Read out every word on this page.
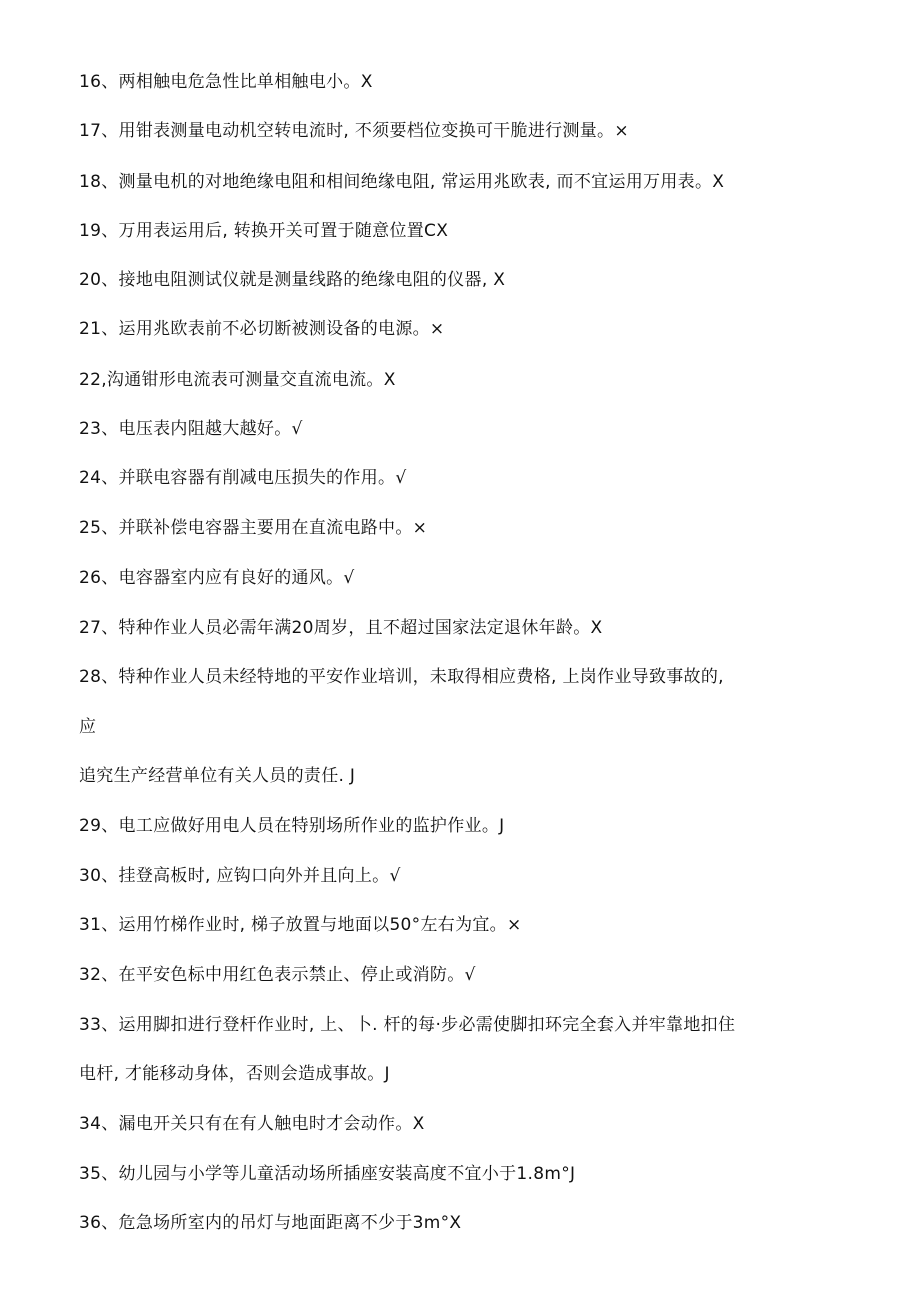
16、两相触电危急性比单相触电小。X
17、用钳表测量电动机空转电流时, 不须要档位变换可干脆进行测量。×
18、测量电机的对地绝缘电阻和相间绝缘电阻, 常运用兆欧表, 而不宜运用万用表。X
19、万用表运用后, 转换开关可置于随意位置CX
20、接地电阻测试仪就是测量线路的绝缘电阻的仪器, X
21、运用兆欧表前不必切断被测设备的电源。×
22,沟通钳形电流表可测量交直流电流。X
23、电压表内阻越大越好。√
24、并联电容器有削减电压损失的作用。√
25、并联补偿电容器主要用在直流电路中。×
26、电容器室内应有良好的通风。√
27、特种作业人员必需年满20周岁，且不超过国家法定退休年龄。X
28、特种作业人员未经特地的平安作业培训，未取得相应费格, 上岗作业导致事故的,
应
追究生产经营单位有关人员的责任. J
29、电工应做好用电人员在特别场所作业的监护作业。J
30、挂登高板时, 应钩口向外并且向上。√
31、运用竹梯作业时, 梯子放置与地面以50°左右为宜。×
32、在平安色标中用红色表示禁止、停止或消防。√
33、运用脚扣进行登杆作业时, 上、卜. 杆的每·步必需使脚扣环完全套入并牢靠地扣住
电杆, 才能移动身体，否则会造成事故。J
34、漏电开关只有在有人触电时才会动作。X
35、幼儿园与小学等儿童活动场所插座安装高度不宜小于1.8m°J
36、危急场所室内的吊灯与地面距离不少于3m°X
